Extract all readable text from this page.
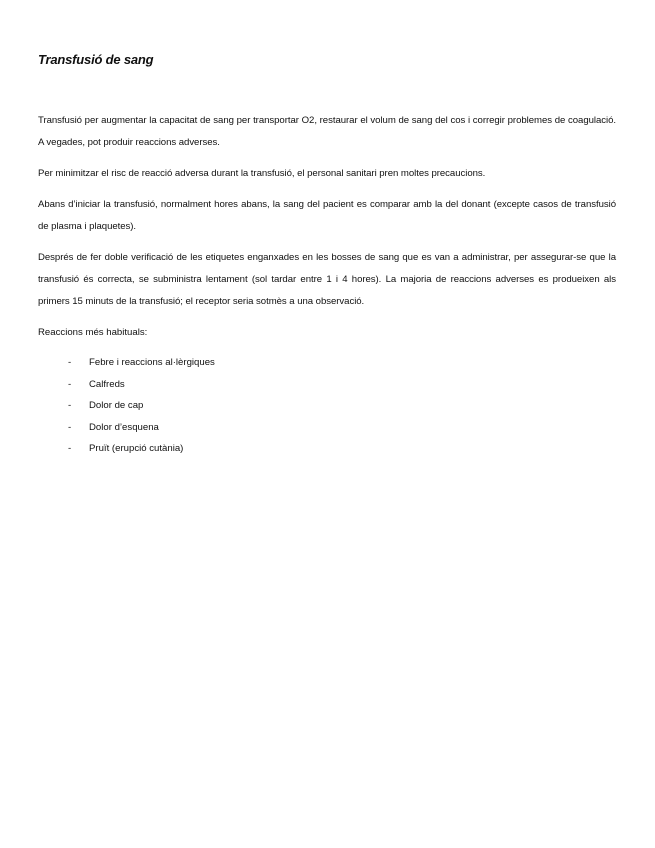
Transfusió de sang

Transfusió per augmentar la capacitat de sang per transportar O2, restaurar el volum de sang del cos i corregir problemes de coagulació. A vegades, pot produir reaccions adverses.

Per minimitzar el risc de reacció adversa durant la transfusió, el personal sanitari pren moltes precaucions.

Abans d’iniciar la transfusió, normalment hores abans, la sang del pacient es comparar amb la del donant (excepte casos de transfusió de plasma i plaquetes).

Després de fer doble verificació de les etiquetes enganxades en les bosses de sang que es van a administrar, per assegurar-se que la transfusió és correcta, se subministra lentament (sol tardar entre 1 i 4 hores). La majoria de reaccions adverses es produeixen als primers 15 minuts de la transfusió; el receptor seria sotmès a una observació.

Reaccions més habituals:

- Febre i reaccions al·lèrgiques
- Calfreds
- Dolor de cap
- Dolor d’esquena
- Pruït (erupció cutània)
